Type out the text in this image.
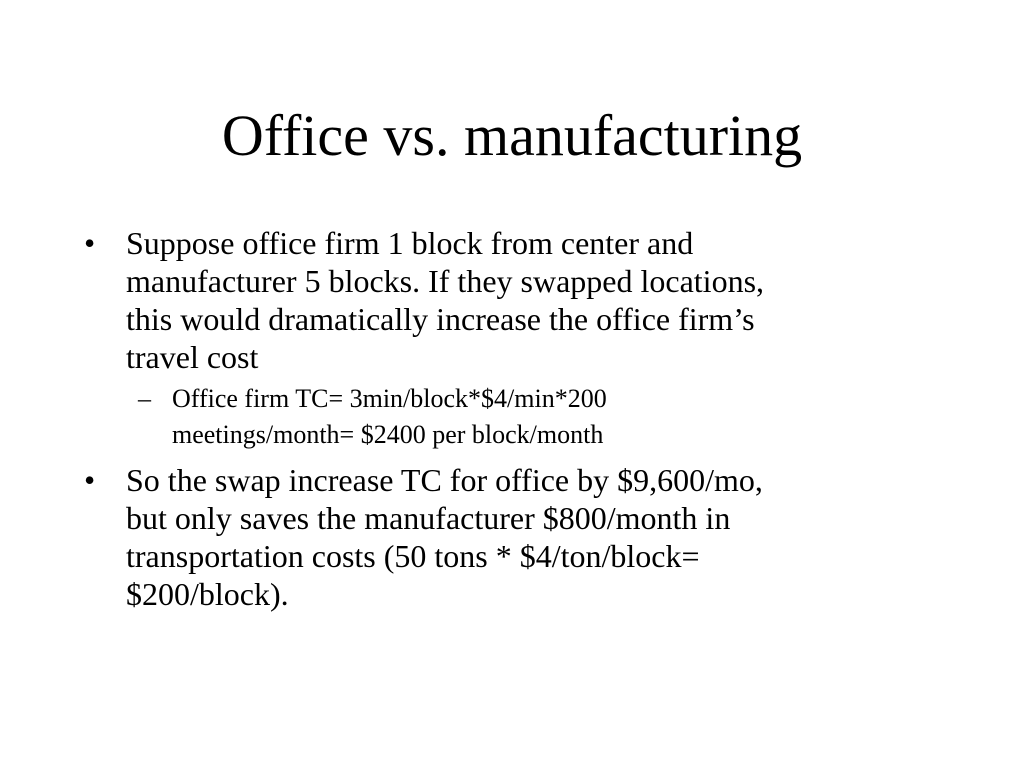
Office vs. manufacturing
• Suppose office firm 1 block from center and
manufacturer 5 blocks. If they swapped locations,
this would dramatically increase the office firm’s
travel cost
– Office firm TC= 3min/block*$4/min*200
meetings/month= $2400 per block/month
• So the swap increase TC for office by $9,600/mo,
but only saves the manufacturer $800/month in
transportation costs (50 tons * $4/ton/block=
$200/block).
